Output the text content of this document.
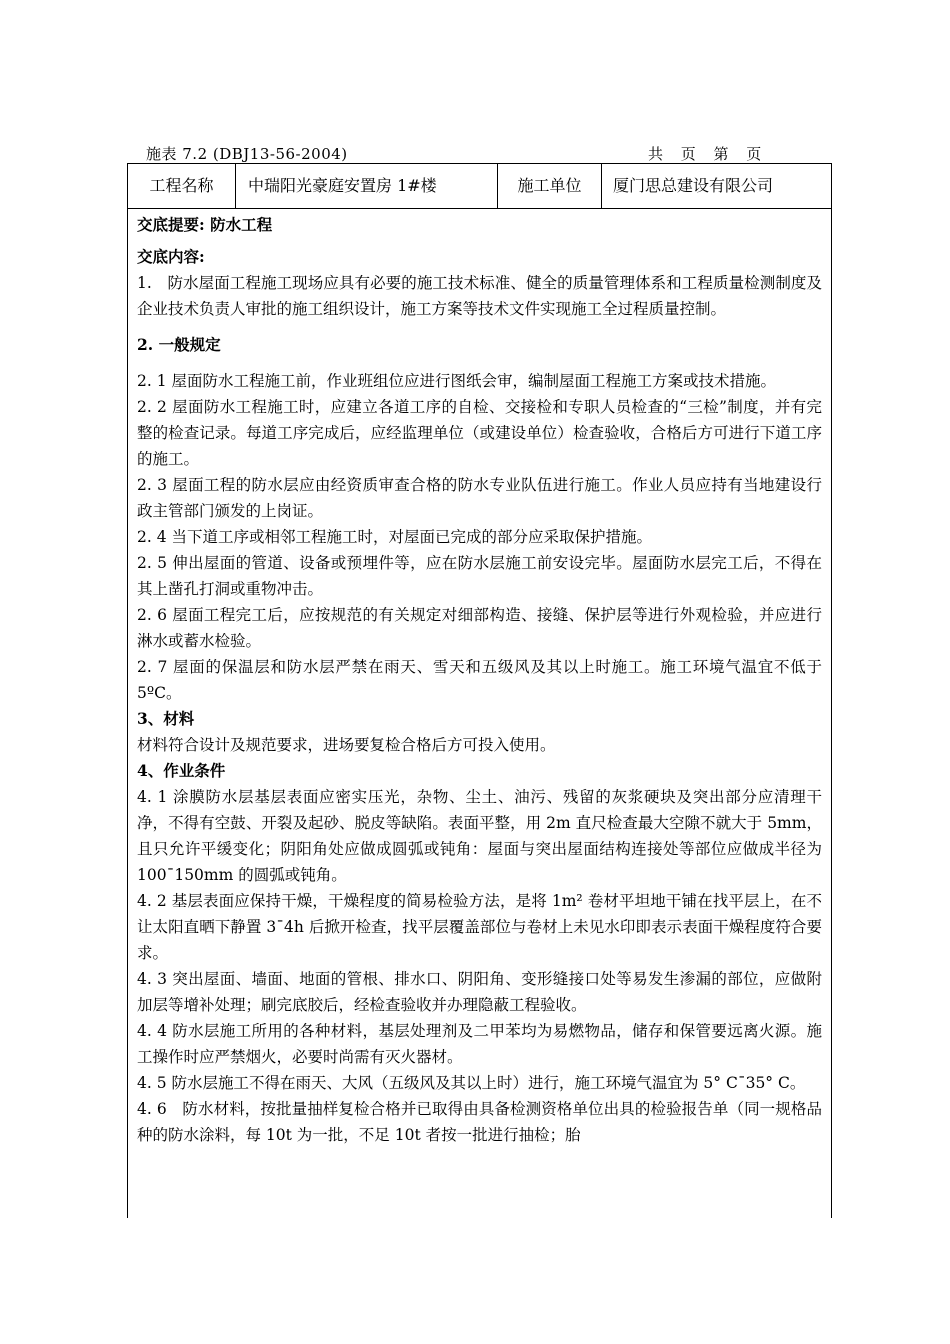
施表 7.2 (DBJ13-56-2004)	共 页 第 页
工程名称	中瑞阳光豪庭安置房 1#楼	施工单位	厦门思总建设有限公司

交底提要: 防水工程

交底内容:

1.　防水屋面工程施工现场应具有必要的施工技术标准、健全的质量管理体系和工程质量检测制度及企业技术负责人审批的施工组织设计，施工方案等技术文件实现施工全过程质量控制。

2. 一般规定

2. 1 屋面防水工程施工前，作业班组位应进行图纸会审，编制屋面工程施工方案或技术措施。

2. 2 屋面防水工程施工时，应建立各道工序的自检、交接检和专职人员检查的“三检”制度，并有完整的检查记录。每道工序完成后，应经监理单位（或建设单位）检查验收，合格后方可进行下道工序的施工。

2. 3 屋面工程的防水层应由经资质审查合格的防水专业队伍进行施工。作业人员应持有当地建设行政主管部门颁发的上岗证。

2. 4 当下道工序或相邻工程施工时，对屋面已完成的部分应采取保护措施。

2. 5 伸出屋面的管道、设备或预埋件等，应在防水层施工前安设完毕。屋面防水层完工后，不得在其上凿孔打洞或重物冲击。

2. 6 屋面工程完工后，应按规范的有关规定对细部构造、接缝、保护层等进行外观检验，并应进行淋水或蓄水检验。

2. 7 屋面的保温层和防水层严禁在雨天、雪天和五级风及其以上时施工。施工环境气温宜不低于 5ºC。

3、材料

材料符合设计及规范要求，进场要复检合格后方可投入使用。

4、作业条件

4. 1 涂膜防水层基层表面应密实压光，杂物、尘土、油污、残留的灰浆硬块及突出部分应清理干净，不得有空鼓、开裂及起砂、脱皮等缺陷。表面平整，用 2m 直尺检查最大空隙不就大于 5mm，且只允许平缓变化；阴阳角处应做成圆弧或钝角：屋面与突出屋面结构连接处等部位应做成半径为 100¯150mm 的圆弧或钝角。

4. 2 基层表面应保持干燥，干燥程度的简易检验方法，是将 1m² 卷材平坦地干铺在找平层上，在不让太阳直晒下静置 3¯4h 后掀开检查，找平层覆盖部位与卷材上未见水印即表示表面干燥程度符合要求。

4. 3 突出屋面、墙面、地面的管根、排水口、阴阳角、变形缝接口处等易发生渗漏的部位，应做附加层等增补处理；刷完底胶后，经检查验收并办理隐蔽工程验收。

4. 4 防水层施工所用的各种材料，基层处理剂及二甲苯均为易燃物品，储存和保管要远离火源。施工操作时应严禁烟火，必要时尚需有灭火器材。

4. 5 防水层施工不得在雨天、大风（五级风及其以上时）进行，施工环境气温宜为 5° C¯35° C。

4. 6　防水材料，按批量抽样复检合格并已取得由具备检测资格单位出具的检验报告单（同一规格品种的防水涂料，每 10t 为一批，不足 10t 者按一批进行抽检；胎
